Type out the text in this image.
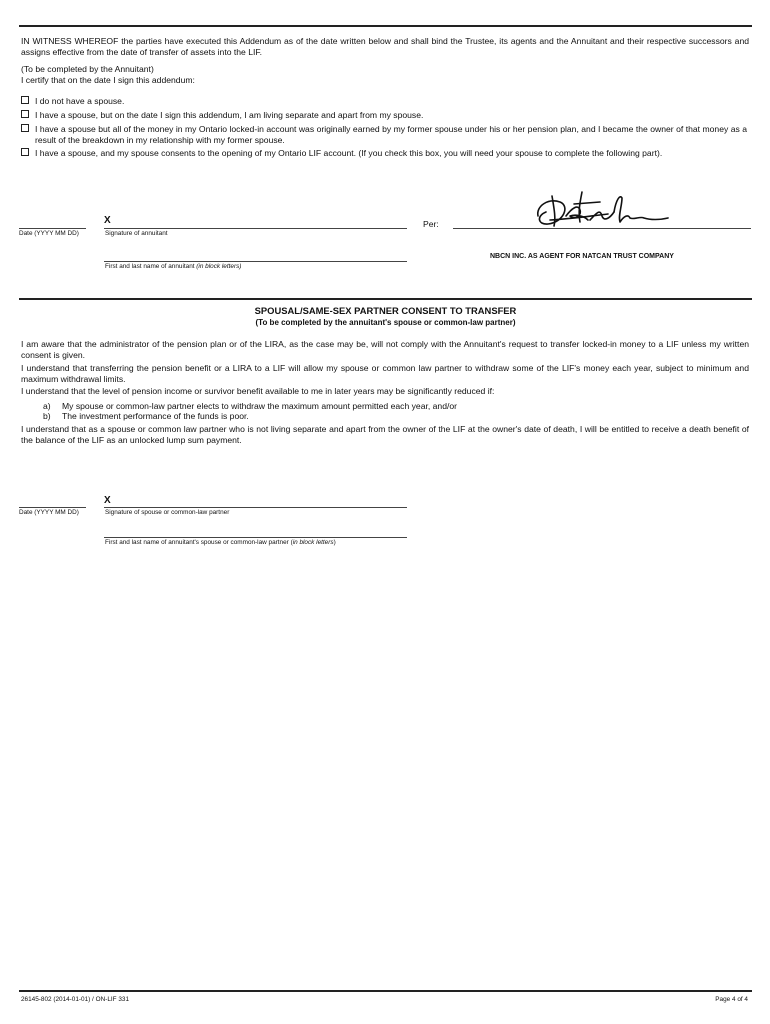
IN WITNESS WHEREOF the parties have executed this Addendum as of the date written below and shall bind the Trustee, its agents and the Annuitant and their respective successors and assigns effective from the date of transfer of assets into the LIF.
(To be completed by the Annuitant)
I certify that on the date I sign this addendum:
I do not have a spouse.
I have a spouse, but on the date I sign this addendum, I am living separate and apart from my spouse.
I have a spouse but all of the money in my Ontario locked-in account was originally earned by my former spouse under his or her pension plan, and I became the owner of that money as a result of the breakdown in my relationship with my former spouse.
I have a spouse, and my spouse consents to the opening of my Ontario LIF account. (If you check this box, you will need your spouse to complete the following part).
X
Date (YYYY MM DD)	Signature of annuitant
Per:
NBCN INC. AS AGENT FOR NATCAN TRUST COMPANY
First and last name of annuitant (in block letters)
SPOUSAL/SAME-SEX PARTNER CONSENT TO TRANSFER
(To be completed by the annuitant's spouse or common-law partner)
I am aware that the administrator of the pension plan or of the LIRA, as the case may be, will not comply with the Annuitant's request to transfer locked-in money to a LIF unless my written consent is given.
I understand that transferring the pension benefit or a LIRA to a LIF will allow my spouse or common law partner to withdraw some of the LIF's money each year, subject to minimum and maximum withdrawal limits.
I understand that the level of pension income or survivor benefit available to me in later years may be significantly reduced if:
a) My spouse or common-law partner elects to withdraw the maximum amount permitted each year, and/or
b) The investment performance of the funds is poor.
I understand that as a spouse or common law partner who is not living separate and apart from the owner of the LIF at the owner's date of death, I will be entitled to receive a death benefit of the balance of the LIF as an unlocked lump sum payment.
X
Date (YYYY MM DD)	Signature of spouse or common-law partner
First and last name of annuitant's spouse or common-law partner (in block letters)
26145-802 (2014-01-01) / ON-LIF 331	Page 4 of 4
